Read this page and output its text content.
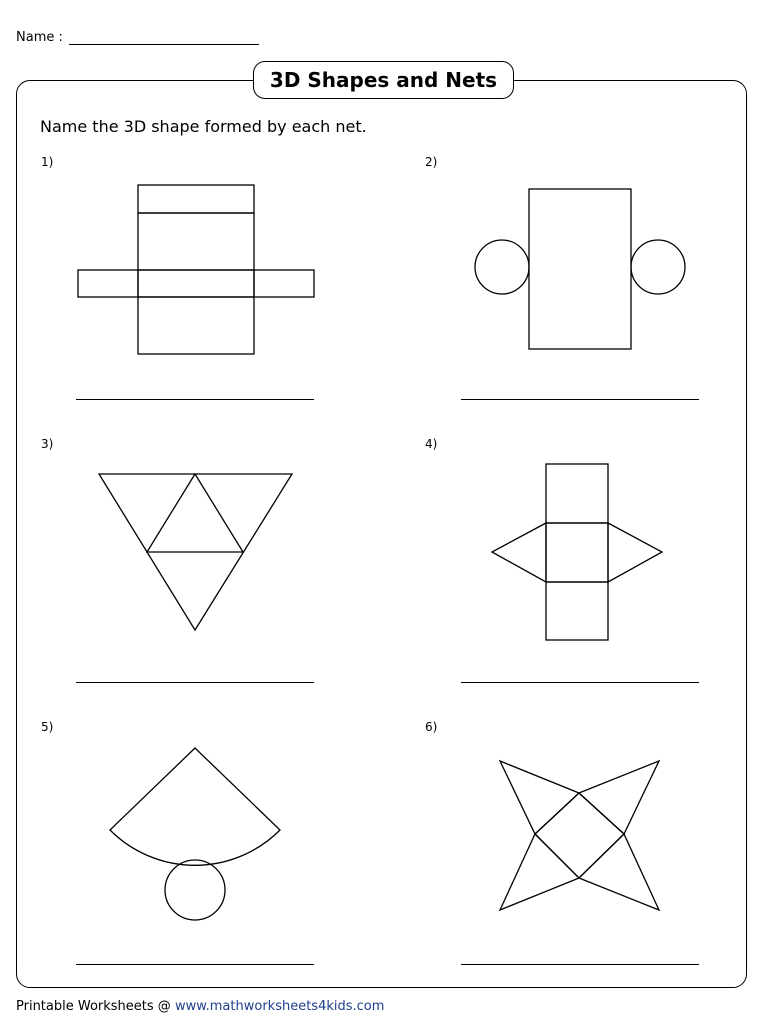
Name :
3D Shapes and Nets
Name the 3D shape formed by each net.
1)	2)
3)	4)
5)	6)
Printable Worksheets @ www.mathworksheets4kids.com
